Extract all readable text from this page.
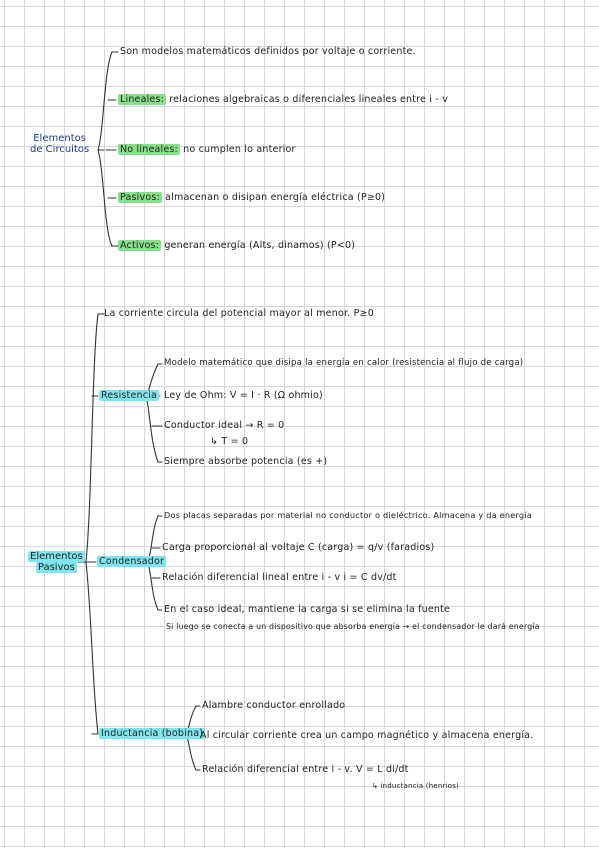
Elementos
de Circuitos
Son modelos matemáticos definidos por voltaje o corriente.
Lineales: relaciones algebraicas o diferenciales lineales entre i - v
No lineales: no cumplen lo anterior
Pasivos: almacenan o disipan energía eléctrica (P≥0)
Activos: generan energía (Alts, dinamos) (P<0)
Elementos
Pasivos
La corriente circula del potencial mayor al menor. P≥0
Resistencia
Modelo matemático que disipa la energía en calor (resistencia al flujo de carga)
Ley de Ohm: V = I · R (Ω ohmio)
Conductor ideal → R = 0
↳ T = 0
Siempre absorbe potencia (es +)
Condensador
Dos placas separadas por material no conductor o dieléctrico. Almacena y da energía
Carga proporcional al voltaje C (carga) = q/v (faradios)
Relación diferencial lineal entre i - v i = C dv/dt
En el caso ideal, mantiene la carga si se elimina la fuente
Si luego se conecta a un dispositivo que absorba energía → el condensador le dará energía
Inductancia (bobina)
Alambre conductor enrollado
Al circular corriente crea un campo magnético y almacena energía.
Relación diferencial entre i - v. V = L di/dt
↳ inductancia (henrios)
